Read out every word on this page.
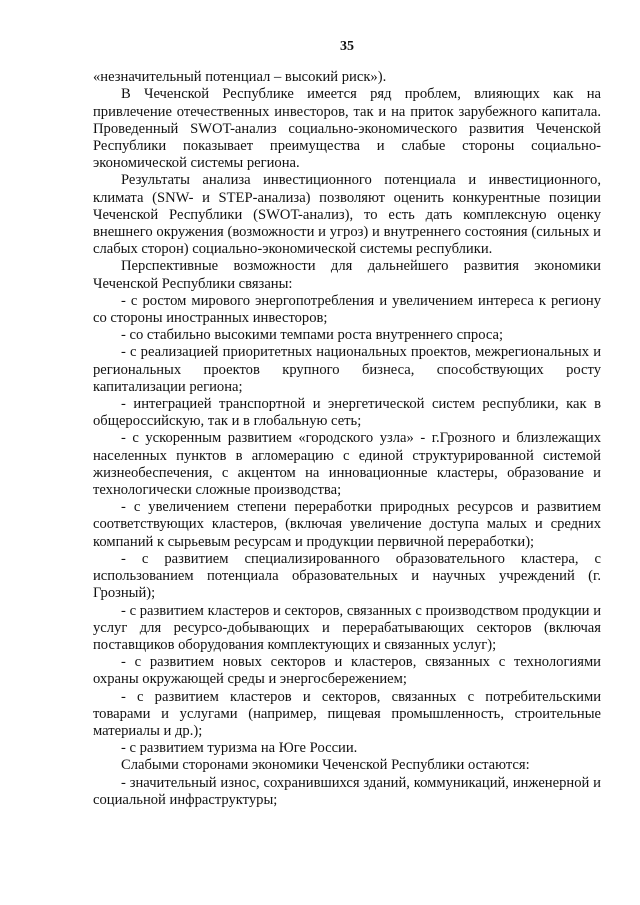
35

«незначительный потенциал – высокий риск»).

В Чеченской Республике имеется ряд проблем, влияющих как на привлечение отечественных инвесторов, так и на приток зарубежного капитала. Проведенный SWOT-анализ социально-экономического развития Чеченской Республики показывает преимущества и слабые стороны социально-экономической системы региона.

Результаты анализа инвестиционного потенциала и инвестиционного, климата (SNW- и STEP-анализа) позволяют оценить конкурентные позиции Чеченской Республики (SWOT-анализ), то есть дать комплексную оценку внешнего окружения (возможности и угроз) и внутреннего состояния (сильных и слабых сторон) социально-экономической системы республики.

Перспективные возможности для дальнейшего развития экономики Чеченской Республики связаны:

- с ростом мирового энергопотребления и увеличением интереса к региону со стороны иностранных инвесторов;

- со стабильно высокими темпами роста внутреннего спроса;

- с реализацией приоритетных национальных проектов, межрегиональных и региональных проектов крупного бизнеса, способствующих росту капитализации региона;

- интеграцией транспортной и энергетической систем республики, как в общероссийскую, так и в глобальную сеть;

- с ускоренным развитием «городского узла» - г.Грозного и близлежащих населенных пунктов в агломерацию с единой структурированной системой жизнеобеспечения, с акцентом на инновационные кластеры, образование и технологически сложные производства;

- с увеличением степени переработки природных ресурсов и развитием соответствующих кластеров, (включая увеличение доступа малых и средних компаний к сырьевым ресурсам и продукции первичной переработки);

- с развитием специализированного образовательного кластера, с использованием потенциала образовательных и научных учреждений (г. Грозный);

- с развитием кластеров и секторов, связанных с производством продукции и услуг для ресурсо-добывающих и перерабатывающих секторов (включая поставщиков оборудования комплектующих и связанных услуг);

- с развитием новых секторов и кластеров, связанных с технологиями охраны окружающей среды и энергосбережением;

- с развитием кластеров и секторов, связанных с потребительскими товарами и услугами (например, пищевая промышленность, строительные материалы и др.);

- с развитием туризма на Юге России.

Слабыми сторонами экономики Чеченской Республики остаются:

- значительный износ, сохранившихся зданий, коммуникаций, инженерной и социальной инфраструктуры;
